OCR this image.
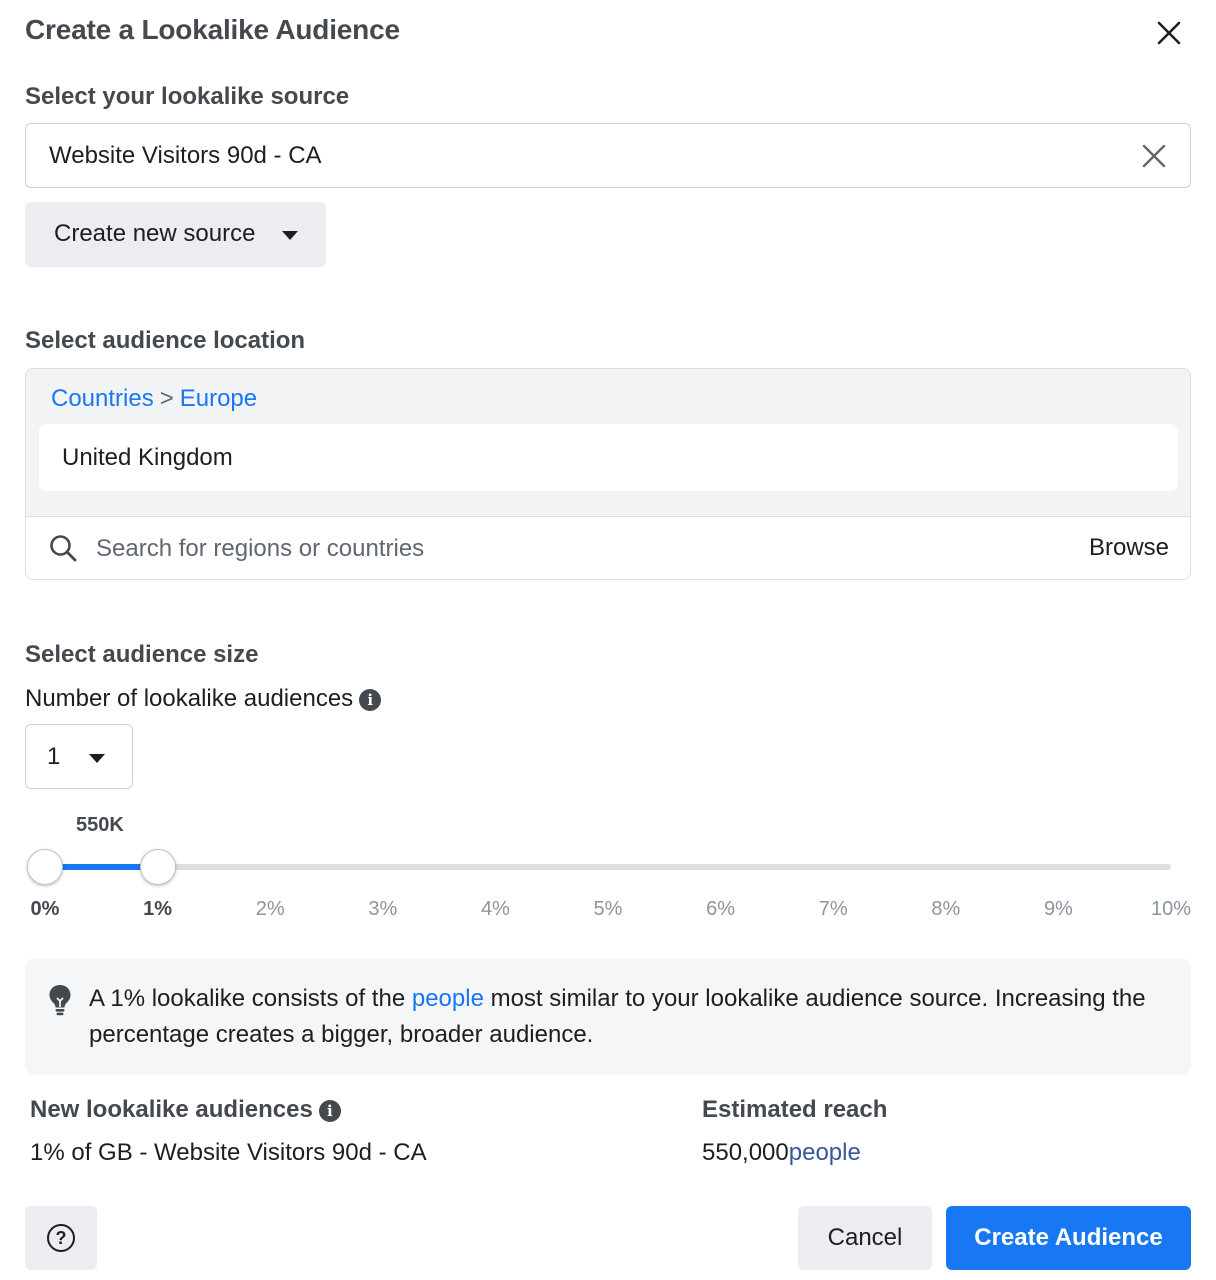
Create a Lookalike Audience
Select your lookalike source
Website Visitors 90d - CA
Create new source
Select audience location
Countries > Europe
United Kingdom
Search for regions or countries
Browse
Select audience size
Number of lookalike audiences i
1
550K
0%	1%	2%	3%	4%	5%	6%	7%	8%	9%	10%
A 1% lookalike consists of the people most similar to your lookalike audience source. Increasing the percentage creates a bigger, broader audience.
New lookalike audiences i
1% of GB - Website Visitors 90d - CA
Estimated reach
550,000people
?	Cancel	Create Audience
